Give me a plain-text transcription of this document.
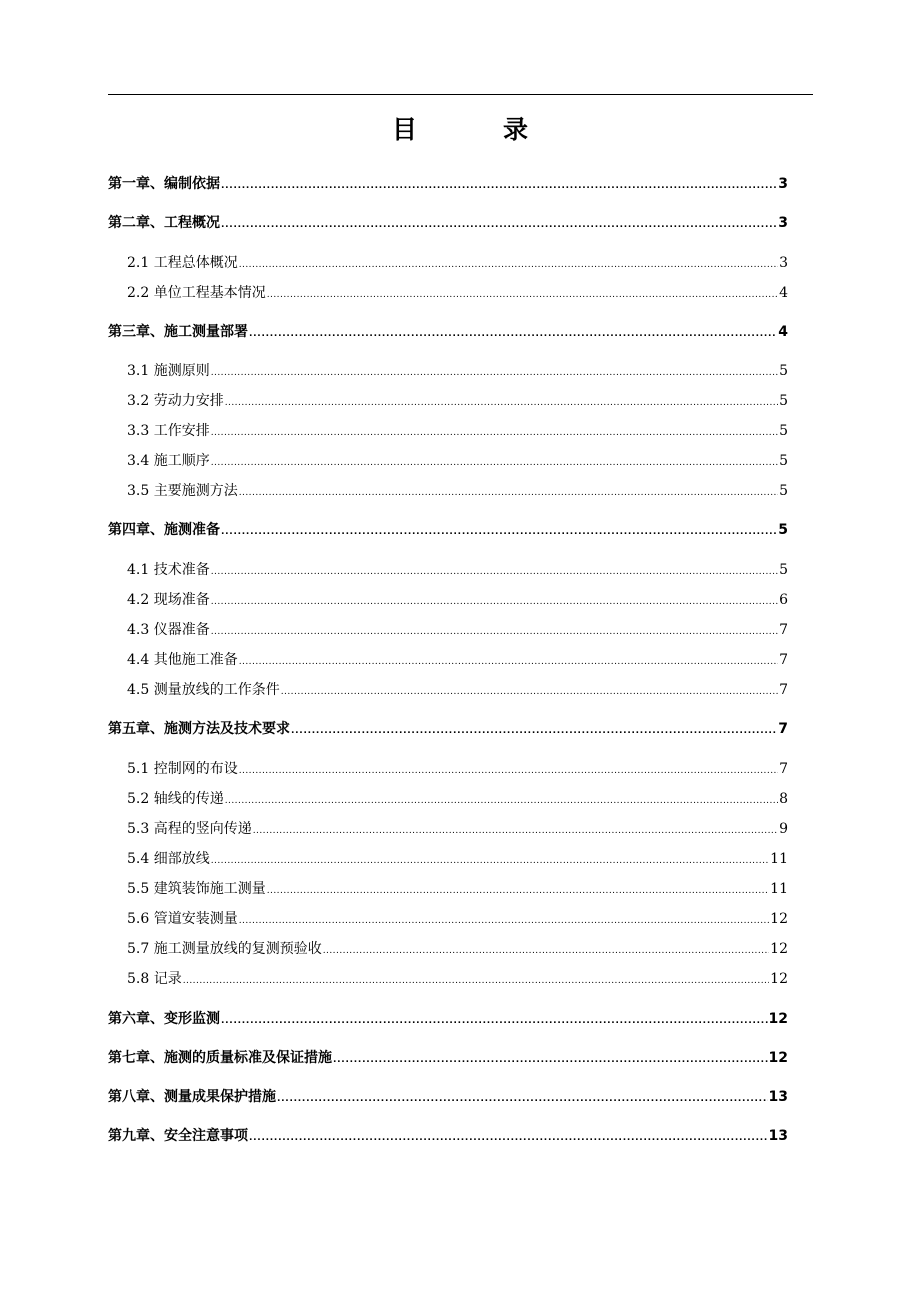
目	录
第一章、编制依据 . . .	3
第二章、工程概况 . . .	3
2.1 工程总体概况 . . .	3
2.2 单位工程基本情况 . . .	4
第三章、施工测量部署 . . .	4
3.1 施测原则 . . .	5
3.2 劳动力安排 . . .	5
3.3 工作安排 . . .	5
3.4 施工顺序 . . .	5
3.5 主要施测方法 . . .	5
第四章、施测准备 . . .	5
4.1 技术准备 . . .	5
4.2 现场准备 . . .	6
4.3 仪器准备 . . .	7
4.4 其他施工准备 . . .	7
4.5 测量放线的工作条件 . . .	7
第五章、施测方法及技术要求 . . .	7
5.1 控制网的布设 . . .	7
5.2 轴线的传递 . . .	8
5.3 高程的竖向传递 . . .	9
5.4 细部放线 . . .	11
5.5 建筑装饰施工测量 . . .	11
5.6 管道安装测量 . . .	12
5.7 施工测量放线的复测预验收 . . .	12
5.8 记录 . . .	12
第六章、变形监测 . . .	12
第七章、施测的质量标准及保证措施 . . .	12
第八章、测量成果保护措施 . . .	13
第九章、安全注意事项 . . .	13
